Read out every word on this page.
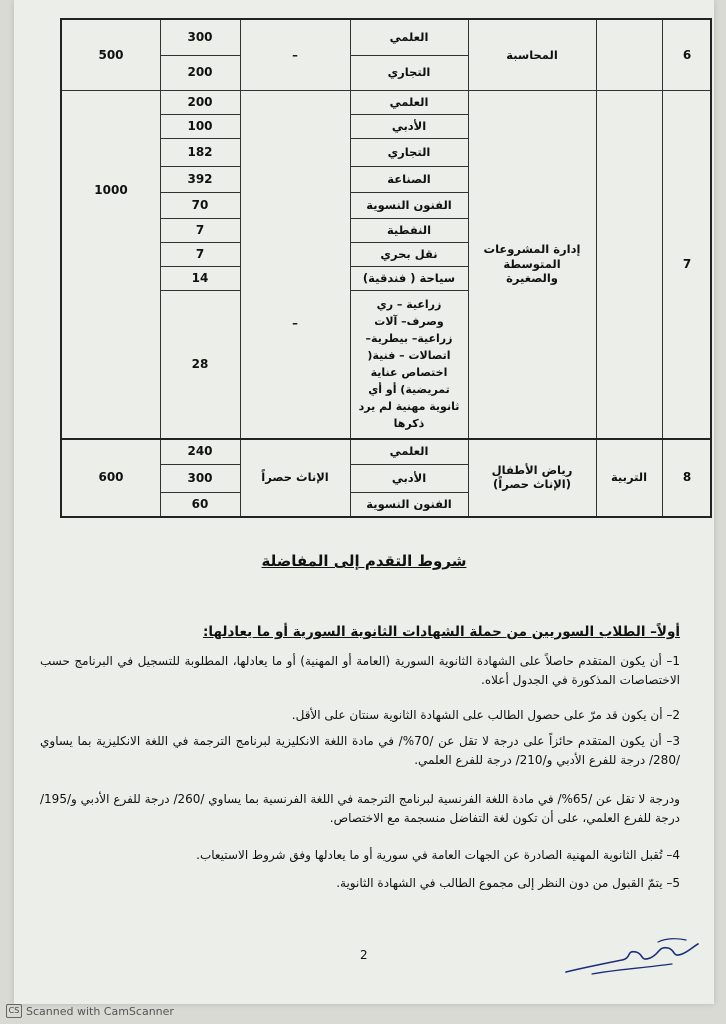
500
300
200
–
العلمي
التجاري
المحاسبة	6
1000
200
100
182
392
70
7
7
14
28
–
العلمي
الأدبي
التجاري
الصناعة
الفنون النسوية
النفطية
نقل بحري
سياحة ( فندقية)
زراعية – ري وصرف– آلات زراعية– بيطرية– اتصالات – فنية( اختصاص عناية تمريضية) أو أي ثانوية مهنية لم يرد ذكرها
إدارة المشروعات المتوسطة والصغيرة
7
600
240
300
60
الإناث حصراً
العلمي
الأدبي
الفنون النسوية
رياض الأطفال (الإناث حصراً)
التربية	8
شروط التقدم إلى المفاضلة
أولاً– الطلاب السوريين من حملة الشهادات الثانوية السورية أو ما يعادلها:
1– أن يكون المتقدم حاصلاً على الشهادة الثانوية السورية (العامة أو المهنية) أو ما يعادلها، المطلوبة للتسجيل في البرنامج حسب الاختصاصات المذكورة في الجدول أعلاه.
2– أن يكون قد مرّ على حصول الطالب على الشهادة الثانوية سنتان على الأقل.
3– أن يكون المتقدم حائزاً على درجة لا تقل عن /70%/ في مادة اللغة الانكليزية لبرنامج الترجمة في اللغة الانكليزية بما يساوي /280/ درجة للفرع الأدبي و/210/ درجة للفرع العلمي.
ودرجة لا تقل عن /65%/ في مادة اللغة الفرنسية لبرنامج الترجمة في اللغة الفرنسية بما يساوي /260/ درجة للفرع الأدبي و/195/ درجة للفرع العلمي، على أن تكون لغة التفاضل منسجمة مع الاختصاص.
4– تُقبل الثانوية المهنية الصادرة عن الجهات العامة في سورية أو ما يعادلها وفق شروط الاستيعاب.
5– يتمّ القبول من دون النظر إلى مجموع الطالب في الشهادة الثانوية.
2
CS Scanned with CamScanner
